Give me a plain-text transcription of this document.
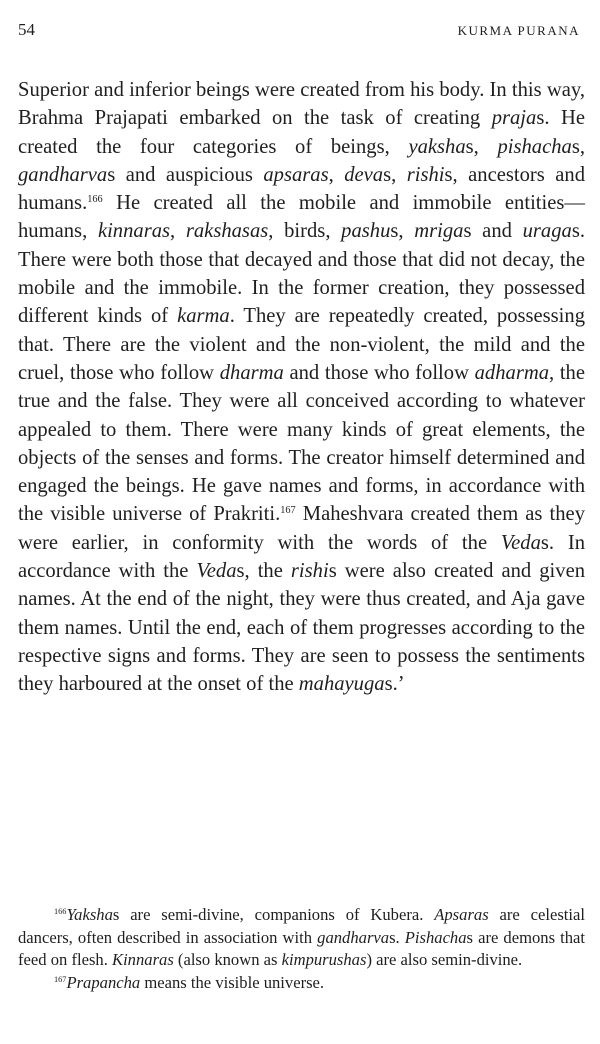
54	KURMA PURANA

Superior and inferior beings were created from his body. In this way, Brahma Prajapati embarked on the task of creating prajas. He created the four categories of beings, yakshas, pishachas, gandharvas and auspicious apsaras, devas, rishis, ancestors and humans.$^{166}$ He created all the mobile and immobile entities—humans, kinnaras, rakshasas, birds, pashus, mrigas and uragas. There were both those that decayed and those that did not decay, the mobile and the immobile. In the former creation, they possessed different kinds of karma. They are repeatedly created, possessing that. There are the violent and the non-violent, the mild and the cruel, those who follow dharma and those who follow adharma, the true and the false. They were all conceived according to whatever appealed to them. There were many kinds of great elements, the objects of the senses and forms. The creator himself determined and engaged the beings. He gave names and forms, in accordance with the visible universe of Prakriti.$^{167}$ Maheshvara created them as they were earlier, in conformity with the words of the Vedas. In accordance with the Vedas, the rishis were also created and given names. At the end of the night, they were thus created, and Aja gave them names. Until the end, each of them progresses according to the respective signs and forms. They are seen to possess the sentiments they harboured at the onset of the mahayugas.’

$^{166}$Yakshas are semi-divine, companions of Kubera. Apsaras are celestial dancers, often described in association with gandharvas. Pishachas are demons that feed on flesh. Kinnaras (also known as kimpurushas) are also semin-divine.

$^{167}$Prapancha means the visible universe.
